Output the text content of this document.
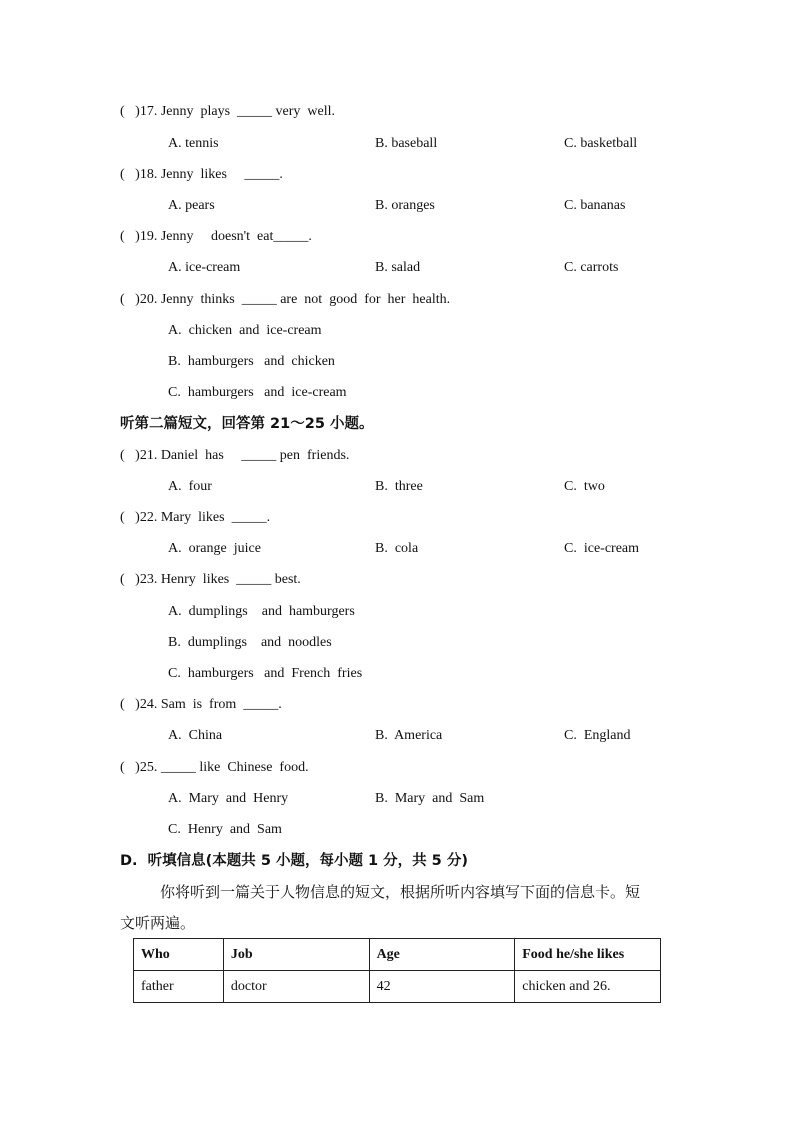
(   )17. Jenny  plays  _____ very  well.
A. tennis	B. baseball	C. basketball
(   )18. Jenny  likes     _____.
A. pears	B. oranges	C. bananas
(   )19. Jenny     doesn't  eat_____.
A. ice-cream	B. salad	C. carrots
(   )20. Jenny  thinks  _____ are  not  good  for  her  health.
A.  chicken  and  ice-cream
B.  hamburgers   and  chicken
C.  hamburgers   and  ice-cream
听第二篇短文，回答第 21～25 小题。
(   )21. Daniel  has     _____ pen  friends.
A.  four	B.  three	C.  two
(   )22. Mary  likes  _____.
A.  orange  juice	B.  cola	C.  ice-cream
(   )23. Henry  likes  _____ best.
A.  dumplings    and  hamburgers
B.  dumplings    and  noodles
C.  hamburgers   and  French  fries
(   )24. Sam  is  from  _____.
A.  China	B.  America	C.  England
(   )25. _____ like  Chinese  food.
A.  Mary  and  Henry	B.  Mary  and  Sam
C.  Henry  and  Sam
D.  听填信息(本题共 5 小题，每小题 1 分，共 5 分)
你将听到一篇关于人物信息的短文，根据所听内容填写下面的信息卡。短
文听两遍。
Who	Job	Age	Food he/she likes
father	doctor	42	chicken and 26.
